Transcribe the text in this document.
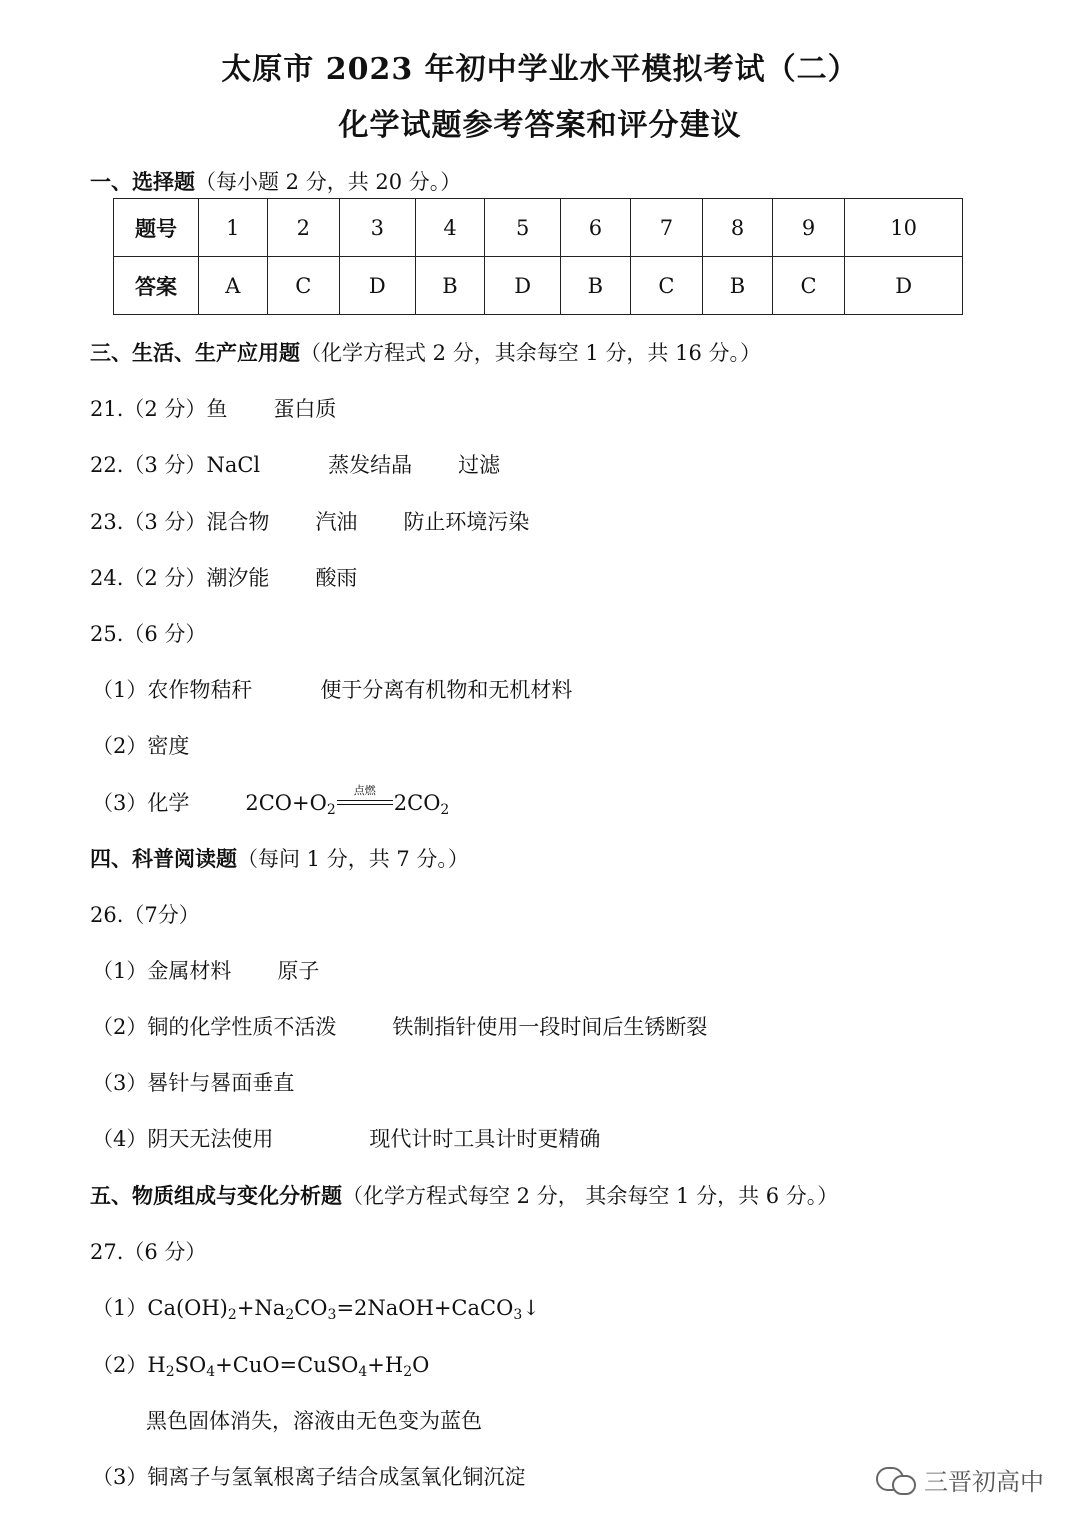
太原市 2023 年初中学业水平模拟考试（二）
化学试题参考答案和评分建议
一、选择题（每小题 2 分，共 20 分。）
题号	1	2	3	4	5	6	7	8	9	10
答案	A	C	D	B	D	B	C	B	C	D
三、生活、生产应用题（化学方程式 2 分，其余每空 1 分，共 16 分。）
21.（2 分）鱼 蛋白质
22.（3 分）NaCl	蒸发结晶 过滤
23.（3 分）混合物 汽油 防止环境污染
24.（2 分）潮汐能 酸雨
25.（6 分）
（1）农作物秸秆	便于分离有机物和无机材料
（2）密度
（3）化学	$2CO+O_2$
点燃
$2CO_2$
四、科普阅读题（每问 1 分，共 7 分。）
26.（7分）
（1）金属材料 原子
（2）铜的化学性质不活泼	铁制指针使用一段时间后生锈断裂
（3）晷针与晷面垂直
（4）阴天无法使用	现代计时工具计时更精确
五、物质组成与变化分析题（化学方程式每空 2 分， 其余每空 1 分，共 6 分。）
27.（6 分）
$(1)Ca(OH)_2+Na_2CO_3=2NaOH+CaCO_3↓$
$(2)H_2SO_4+CuO=CuSO_4+H_2O$
黑色固体消失，溶液由无色变为蓝色
（3）铜离子与氢氧根离子结合成氢氧化铜沉淀	三晋初高中
